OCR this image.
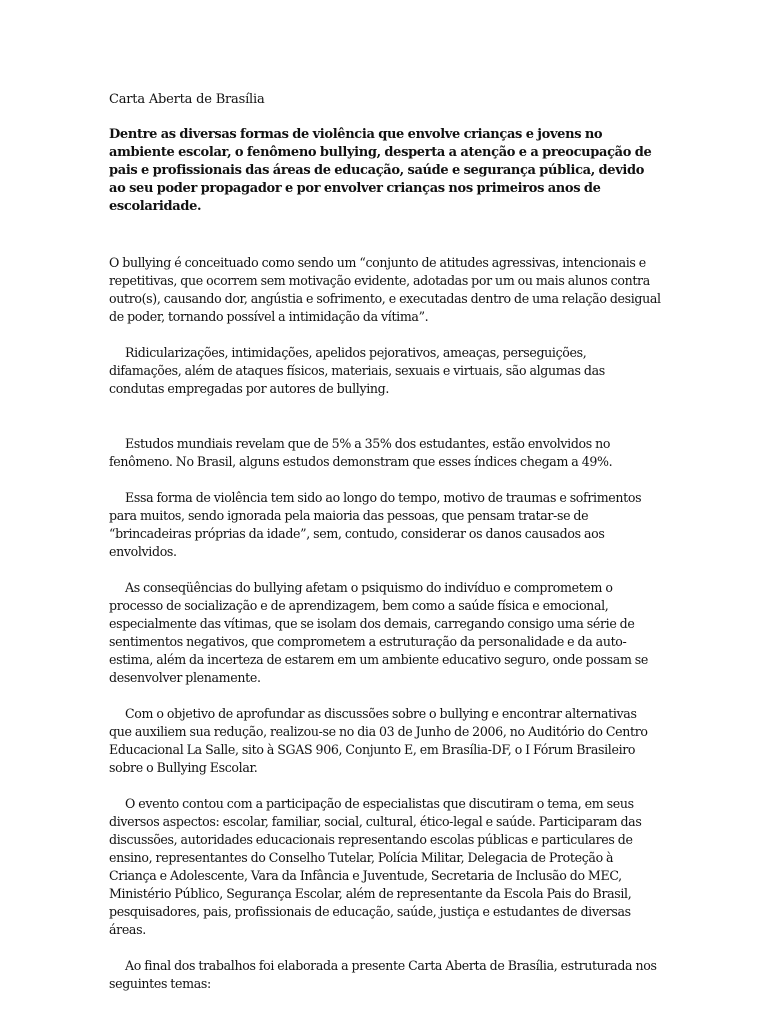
Carta Aberta de Brasília

Dentre as diversas formas de violência que envolve crianças e jovens no ambiente escolar, o fenômeno bullying, desperta a atenção e a preocupação de pais e profissionais das áreas de educação, saúde e segurança pública, devido ao seu poder propagador e por envolver crianças nos primeiros anos de escolaridade.

O bullying é conceituado como sendo um “conjunto de atitudes agressivas, intencionais e repetitivas, que ocorrem sem motivação evidente, adotadas por um ou mais alunos contra outro(s), causando dor, angústia e sofrimento, e executadas dentro de uma relação desigual de poder, tornando possível a intimidação da vítima”.

Ridicularizações, intimidações, apelidos pejorativos, ameaças, perseguições, difamações, além de ataques físicos, materiais, sexuais e virtuais, são algumas das condutas empregadas por autores de bullying.

Estudos mundiais revelam que de 5% a 35% dos estudantes, estão envolvidos no fenômeno. No Brasil, alguns estudos demonstram que esses índices chegam a 49%.

Essa forma de violência tem sido ao longo do tempo, motivo de traumas e sofrimentos para muitos, sendo ignorada pela maioria das pessoas, que pensam tratar-se de “brincadeiras próprias da idade”, sem, contudo, considerar os danos causados aos envolvidos.

As conseqüências do bullying afetam o psiquismo do indivíduo e comprometem o processo de socialização e de aprendizagem, bem como a saúde física e emocional, especialmente das vítimas, que se isolam dos demais, carregando consigo uma série de sentimentos negativos, que comprometem a estruturação da personalidade e da auto-estima, além da incerteza de estarem em um ambiente educativo seguro, onde possam se desenvolver plenamente.

Com o objetivo de aprofundar as discussões sobre o bullying e encontrar alternativas que auxiliem sua redução, realizou-se no dia 03 de Junho de 2006, no Auditório do Centro Educacional La Salle, sito à SGAS 906, Conjunto E, em Brasília-DF, o I Fórum Brasileiro sobre o Bullying Escolar.

O evento contou com a participação de especialistas que discutiram o tema, em seus diversos aspectos: escolar, familiar, social, cultural, ético-legal e saúde. Participaram das discussões, autoridades educacionais representando escolas públicas e particulares de ensino, representantes do Conselho Tutelar, Polícia Militar, Delegacia de Proteção à Criança e Adolescente, Vara da Infância e Juventude, Secretaria de Inclusão do MEC, Ministério Público, Segurança Escolar, além de representante da Escola Pais do Brasil, pesquisadores, pais, profissionais de educação, saúde, justiça e estudantes de diversas áreas.

Ao final dos trabalhos foi elaborada a presente Carta Aberta de Brasília, estruturada nos seguintes temas:
